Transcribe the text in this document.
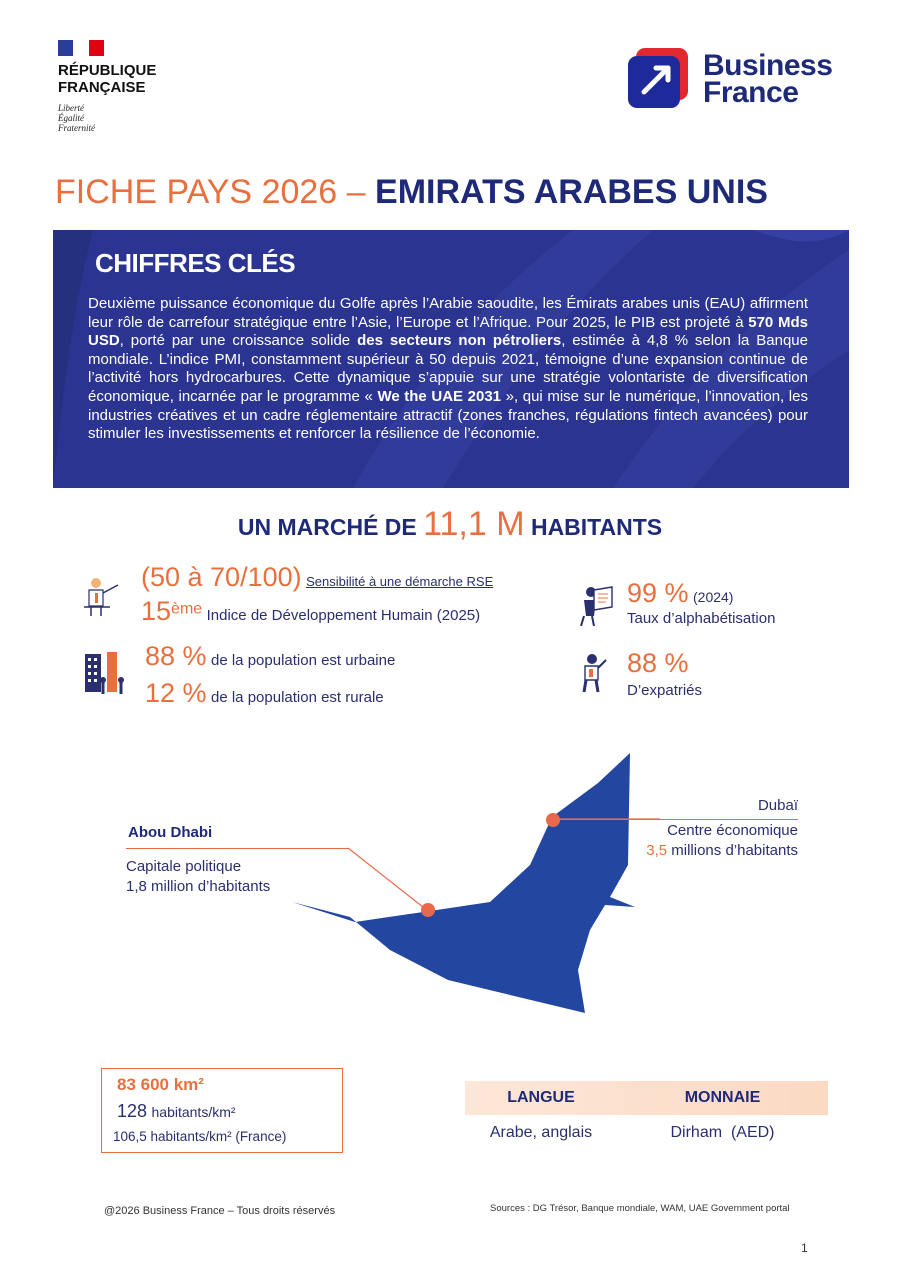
RÉPUBLIQUE
FRANÇAISE
Liberté
Égalité
Fraternité
Business
France
FICHE PAYS 2026 – EMIRATS ARABES UNIS
CHIFFRES CLÉS
Deuxième puissance économique du Golfe après l’Arabie saoudite, les Émirats arabes unis (EAU) affirment leur rôle de carrefour stratégique entre l’Asie, l’Europe et l’Afrique. Pour 2025, le PIB est projeté à 570 Mds USD, porté par une croissance solide des secteurs non pétroliers, estimée à 4,8 % selon la Banque mondiale. L’indice PMI, constamment supérieur à 50 depuis 2021, témoigne d’une expansion continue de l’activité hors hydrocarbures. Cette dynamique s’appuie sur une stratégie volontariste de diversification économique, incarnée par le programme « We the UAE 2031 », qui mise sur le numérique, l’innovation, les industries créatives et un cadre réglementaire attractif (zones franches, régulations fintech avancées) pour stimuler les investissements et renforcer la résilience de l’économie.
UN MARCHÉ DE 11,1 M HABITANTS
(50 à 70/100) Sensibilité à une démarche RSE
15ème Indice de Développement Humain (2025)
88 % de la population est urbaine
12 % de la population est rurale
99 % (2024)
Taux d’alphabétisation
88 %
D’expatriés
Abou Dhabi
Capitale politique
1,8 million d’habitants
Dubaï
Centre économique
3,5 millions d’habitants
83 600 km²
128 habitants/km²
106,5 habitants/km² (France)
LANGUE	MONNAIE
Arabe, anglais	Dirham  (AED)
@2026 Business France – Tous droits réservés	Sources : DG Trésor, Banque mondiale, WAM, UAE Government portal
1
